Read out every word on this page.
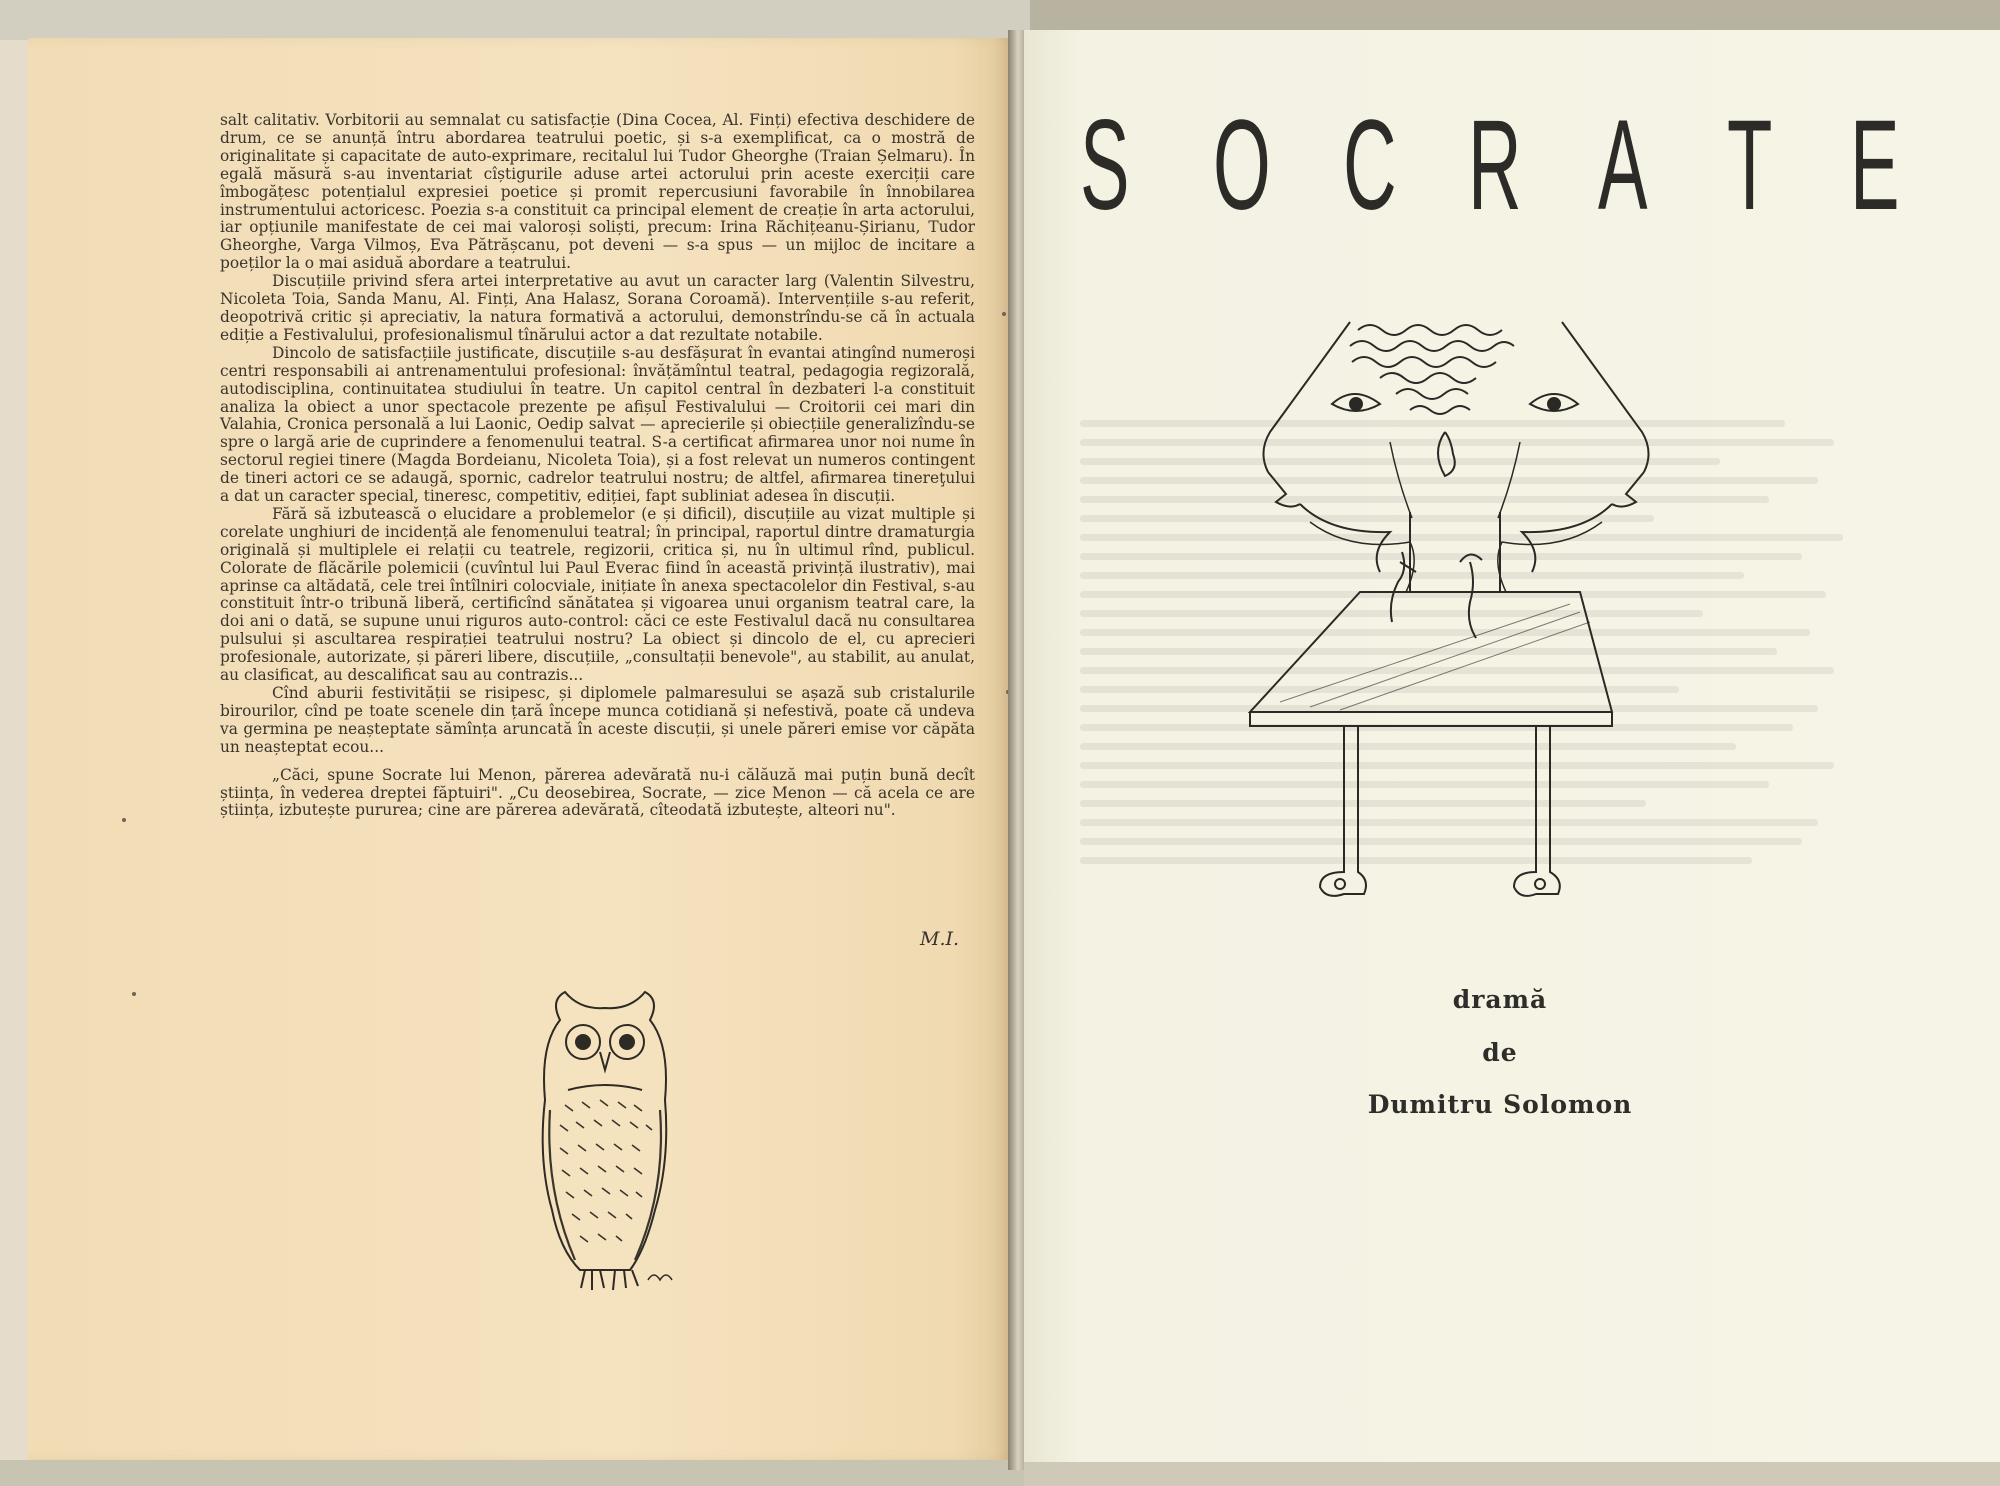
salt calitativ. Vorbitorii au semnalat cu satisfacție (Dina Cocea, Al. Finți) efectiva deschidere de drum, ce se anunță întru abordarea teatrului poetic, și s-a exemplificat, ca o mostră de originalitate și capacitate de auto-exprimare, recitalul lui Tudor Gheorghe (Traian Șelmaru). În egală măsură s-au inventariat cîștigurile aduse artei actorului prin aceste exerciții care îmbogățesc potențialul expresiei poetice și promit repercusiuni favorabile în înnobilarea instrumentului actoricesc. Poezia s-a constituit ca principal element de creație în arta actorului, iar opțiunile manifestate de cei mai valoroși soliști, precum: Irina Răchițeanu-Șirianu, Tudor Gheorghe, Varga Vilmoș, Eva Pătrășcanu, pot deveni — s-a spus — un mijloc de incitare a poeților la o mai asiduă abordare a teatrului.

Discuțiile privind sfera artei interpretative au avut un caracter larg (Valentin Silvestru, Nicoleta Toia, Sanda Manu, Al. Finți, Ana Halasz, Sorana Coroamă). Intervențiile s-au referit, deopotrivă critic și apreciativ, la natura formativă a actorului, demonstrîndu-se că în actuala ediție a Festivalului, profesionalismul tînărului actor a dat rezultate notabile.

Dincolo de satisfacțiile justificate, discuțiile s-au desfășurat în evantai atingînd numeroși centri responsabili ai antrenamentului profesional: învățămîntul teatral, pedagogia regizorală, autodisciplina, continuitatea studiului în teatre. Un capitol central în dezbateri l-a constituit analiza la obiect a unor spectacole prezente pe afișul Festivalului — Croitorii cei mari din Valahia, Cronica personală a lui Laonic, Oedip salvat — aprecierile și obiecțiile generalizîndu-se spre o largă arie de cuprindere a fenomenului teatral. S-a certificat afirmarea unor noi nume în sectorul regiei tinere (Magda Bordeianu, Nicoleta Toia), și a fost relevat un numeros contingent de tineri actori ce se adaugă, spornic, cadrelor teatrului nostru; de altfel, afirmarea tinereţului a dat un caracter special, tineresc, competitiv, ediției, fapt subliniat adesea în discuții.

Fără să izbutească o elucidare a problemelor (e și dificil), discuțiile au vizat multiple și corelate unghiuri de incidență ale fenomenului teatral; în principal, raportul dintre dramaturgia originală și multiplele ei relații cu teatrele, regizorii, critica și, nu în ultimul rînd, publicul. Colorate de flăcările polemicii (cuvîntul lui Paul Everac fiind în această privință ilustrativ), mai aprinse ca altădată, cele trei întîlniri colocviale, inițiate în anexa spectacolelor din Festival, s-au constituit într-o tribună liberă, certificînd sănătatea și vigoarea unui organism teatral care, la doi ani o dată, se supune unui riguros auto-control: căci ce este Festivalul dacă nu consultarea pulsului și ascultarea respirației teatrului nostru? La obiect și dincolo de el, cu aprecieri profesionale, autorizate, și păreri libere, discuțiile, „consultații benevole", au stabilit, au anulat, au clasificat, au descalificat sau au contrazis...

Cînd aburii festivității se risipesc, și diplomele palmaresului se așază sub cristalurile birourilor, cînd pe toate scenele din țară începe munca cotidiană și nefestivă, poate că undeva va germina pe neașteptate sămînța aruncată în aceste discuții, și unele păreri emise vor căpăta un neașteptat ecou...

„Căci, spune Socrate lui Menon, părerea adevărată nu-i călăuză mai puțin bună decît știința, în vederea dreptei făptuiri". „Cu deosebirea, Socrate, — zice Menon — că acela ce are știința, izbutește pururea; cine are părerea adevărată, cîteodată izbutește, alteori nu".

M.I.
S O C R A T E
dramă
de
Dumitru Solomon
